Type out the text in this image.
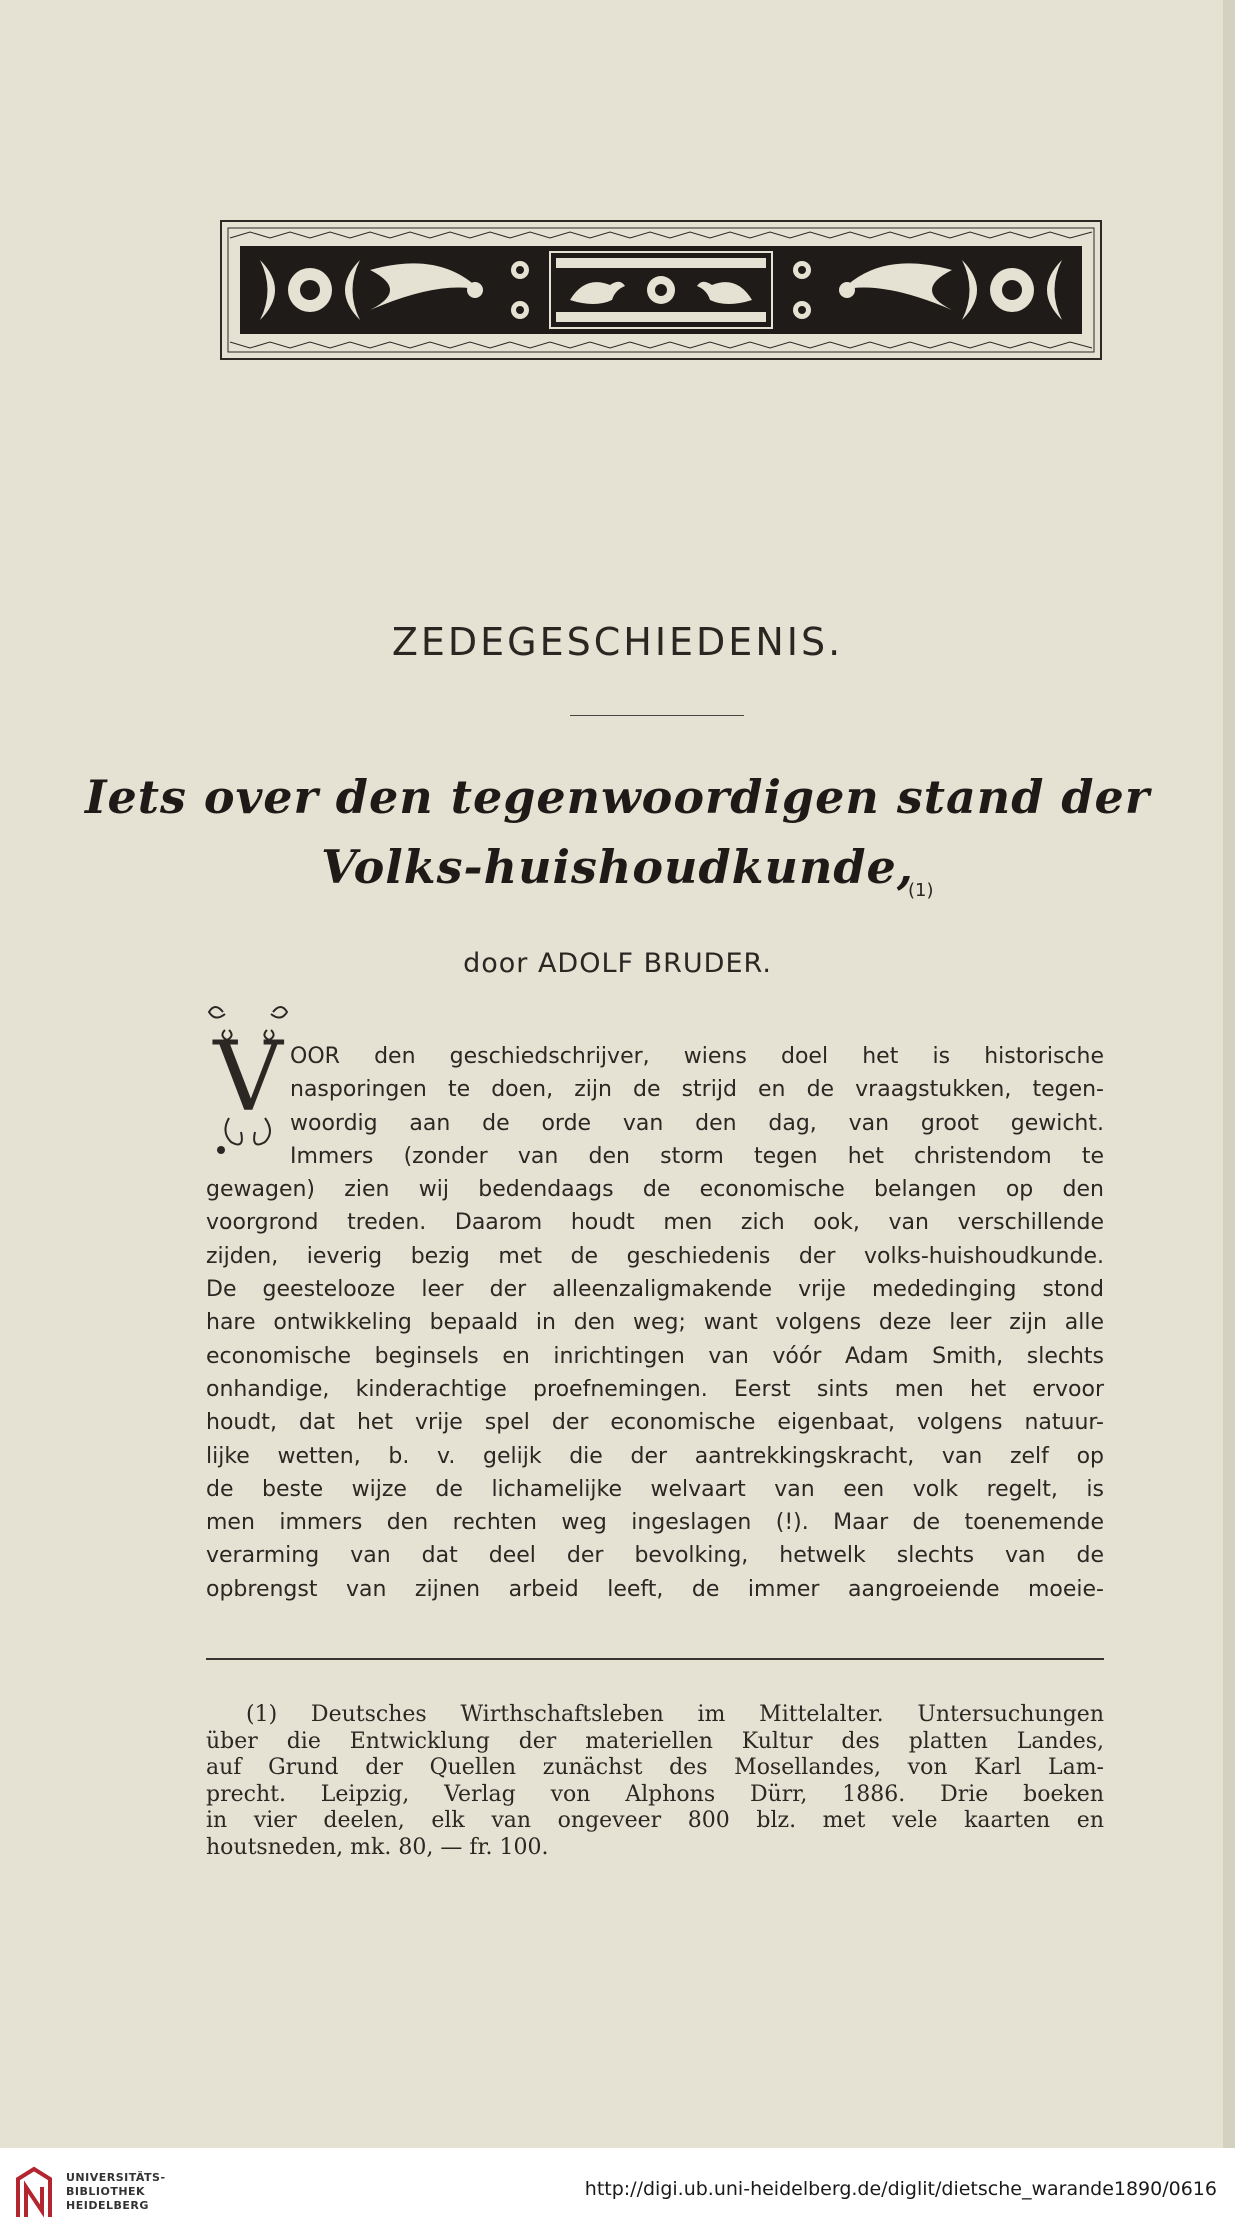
ZEDEGESCHIEDENIS.
Iets over den tegenwoordigen stand der
Volks-huishoudkunde,
(1)
door ADOLF BRUDER.
V OOR den geschiedschrijver, wiens doel het is historische
nasporingen te doen, zijn de strijd en de vraagstukken, tegen-
woordig aan de orde van den dag, van groot gewicht.
Immers (zonder van den storm tegen het christendom te
gewagen) zien wij bedendaags de economische belangen op den
voorgrond treden. Daarom houdt men zich ook, van verschillende
zijden, ieverig bezig met de geschiedenis der volks-huishoudkunde.
De geestelooze leer der alleenzaligmakende vrije mededinging stond
hare ontwikkeling bepaald in den weg; want volgens deze leer zijn alle
economische beginsels en inrichtingen van vóór Adam Smith, slechts
onhandige, kinderachtige proefnemingen. Eerst sints men het ervoor
houdt, dat het vrije spel der economische eigenbaat, volgens natuur-
lijke wetten, b. v. gelijk die der aantrekkingskracht, van zelf op
de beste wijze de lichamelijke welvaart van een volk regelt, is
men immers den rechten weg ingeslagen (!). Maar de toenemende
verarming van dat deel der bevolking, hetwelk slechts van de
opbrengst van zijnen arbeid leeft, de immer aangroeiende moeie-
(1) Deutsches Wirthschaftsleben im Mittelalter. Untersuchungen
über die Entwicklung der materiellen Kultur des platten Landes,
auf Grund der Quellen zunächst des Mosellandes, von Karl Lam-
precht. Leipzig, Verlag von Alphons Dürr, 1886. Drie boeken
in vier deelen, elk van ongeveer 800 blz. met vele kaarten en
houtsneden, mk. 80, — fr. 100.
UNIVERSITÄTS-
BIBLIOTHEK
HEIDELBERG
http://digi.ub.uni-heidelberg.de/diglit/dietsche_warande1890/0616
